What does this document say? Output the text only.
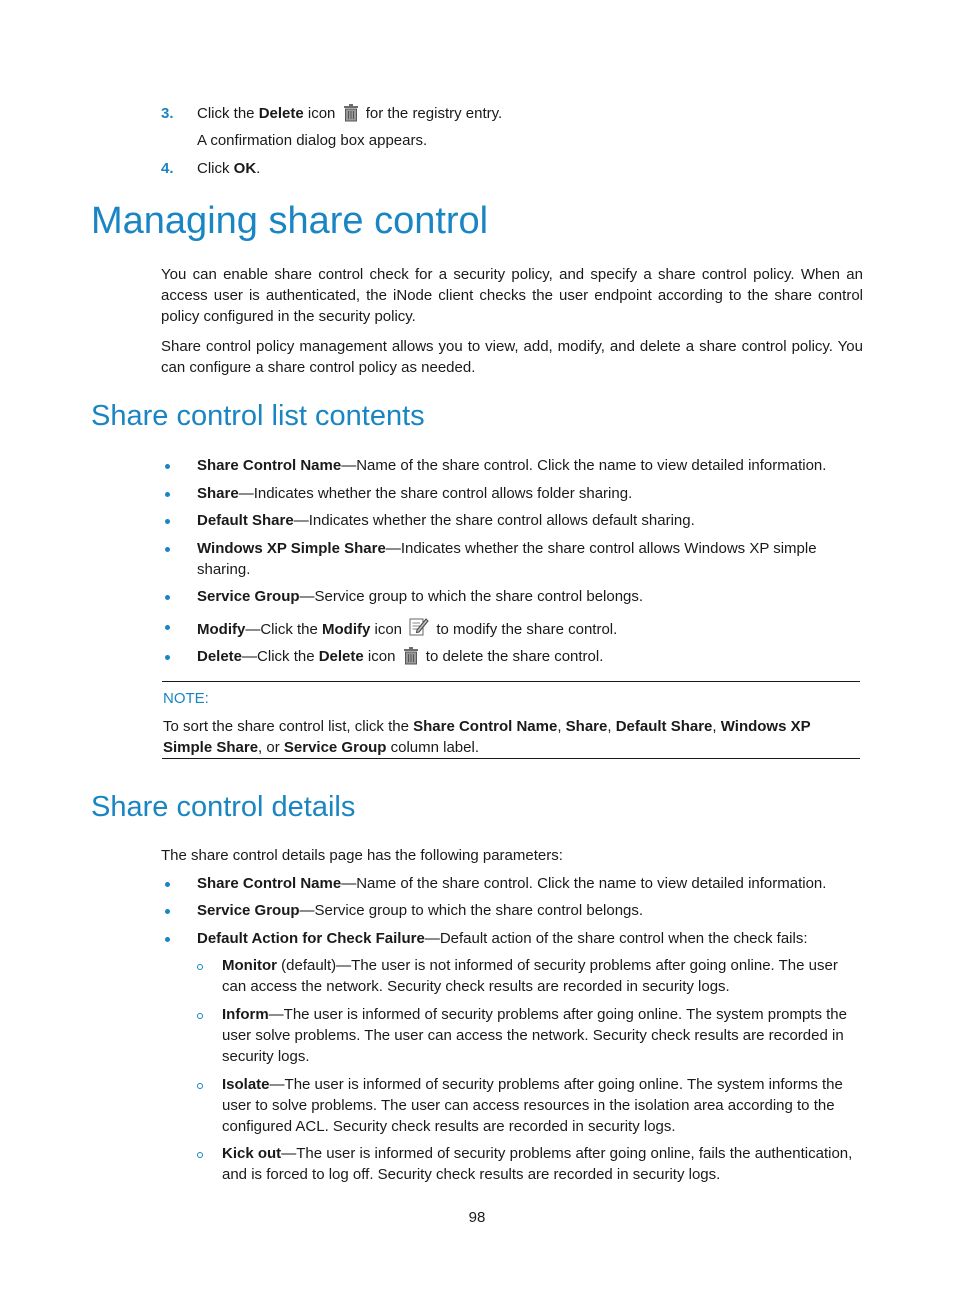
3. Click the Delete icon  for the registry entry.
A confirmation dialog box appears.
4. Click OK.
Managing share control

You can enable share control check for a security policy, and specify a share control policy. When an access user is authenticated, the iNode client checks the user endpoint according to the share control policy configured in the security policy.

Share control policy management allows you to view, add, modify, and delete a share control policy. You can configure a share control policy as needed.

Share control list contents
Share Control Name—Name of the share control. Click the name to view detailed information.
Share—Indicates whether the share control allows folder sharing.
Default Share—Indicates whether the share control allows default sharing.
Windows XP Simple Share—Indicates whether the share control allows Windows XP simple sharing.
Service Group—Service group to which the share control belongs.
Modify—Click the Modify icon  to modify the share control.
Delete—Click the Delete icon  to delete the share control.
NOTE:
To sort the share control list, click the Share Control Name, Share, Default Share, Windows XP Simple Share, or Service Group column label.
Share control details
The share control details page has the following parameters:
Share Control Name—Name of the share control. Click the name to view detailed information.
Service Group—Service group to which the share control belongs.
Default Action for Check Failure—Default action of the share control when the check fails:
Monitor (default)—The user is not informed of security problems after going online. The user can access the network. Security check results are recorded in security logs.
Inform—The user is informed of security problems after going online. The system prompts the user solve problems. The user can access the network. Security check results are recorded in security logs.
Isolate—The user is informed of security problems after going online. The system informs the user to solve problems. The user can access resources in the isolation area according to the configured ACL. Security check results are recorded in security logs.
Kick out—The user is informed of security problems after going online, fails the authentication, and is forced to log off. Security check results are recorded in security logs.
98
